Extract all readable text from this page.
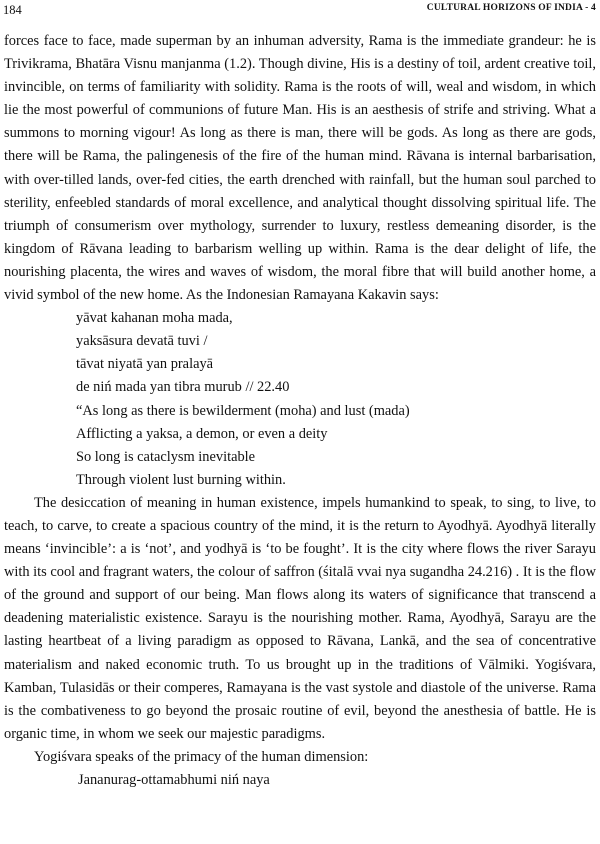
184	CULTURAL HORIZONS OF INDIA - 4

forces face to face, made superman by an inhuman adversity, Rama is the immediate grandeur: he is Trivikrama, Bhatāra Visnu manjanma (1.2). Though divine, His is a destiny of toil, ardent creative toil, invincible, on terms of familiarity with solidity. Rama is the roots of will, weal and wisdom, in which lie the most powerful of communions of future Man. His is an aesthesis of strife and striving. What a summons to morning vigour! As long as there is man, there will be gods. As long as there are gods, there will be Rama, the palingenesis of the fire of the human mind. Rāvana is internal barbarisation, with over-tilled lands, over-fed cities, the earth drenched with rainfall, but the human soul parched to sterility, enfeebled standards of moral excellence, and analytical thought dissolving spiritual life. The triumph of consumerism over mythology, surrender to luxury, restless demeaning disorder, is the kingdom of Rāvana leading to barbarism welling up within. Rama is the dear delight of life, the nourishing placenta, the wires and waves of wisdom, the moral fibre that will build another home, a vivid symbol of the new home. As the Indonesian Ramayana Kakavin says:

yāvat kahanan moha mada,
yaksāsura devatā tuvi /
tāvat niyatā yan pralayā
de niń mada yan tibra murub // 22.40
“As long as there is bewilderment (moha) and lust (mada)
Afflicting a yaksa, a demon, or even a deity
So long is cataclysm inevitable
Through violent lust burning within.

The desiccation of meaning in human existence, impels humankind to speak, to sing, to live, to teach, to carve, to create a spacious country of the mind, it is the return to Ayodhyā. Ayodhyā literally means ‘invincible’: a is ‘not’, and yodhyā is ‘to be fought’. It is the city where flows the river Sarayu with its cool and fragrant waters, the colour of saffron (śitalā vvai nya sugandha 24.216) . It is the flow of the ground and support of our being. Man flows along its waters of significance that transcend a deadening materialistic existence. Sarayu is the nourishing mother. Rama, Ayodhyā, Sarayu are the lasting heartbeat of a living paradigm as opposed to Rāvana, Lankā, and the sea of concentrative materialism and naked economic truth. To us brought up in the traditions of Vālmiki. Yogiśvara, Kamban, Tulasidās or their comperes, Ramayana is the vast systole and diastole of the universe. Rama is the combativeness to go beyond the prosaic routine of evil, beyond the anesthesia of battle. He is organic time, in whom we seek our majestic paradigms.

Yogiśvara speaks of the primacy of the human dimension:

Jananurag-ottamabhumi niń naya
